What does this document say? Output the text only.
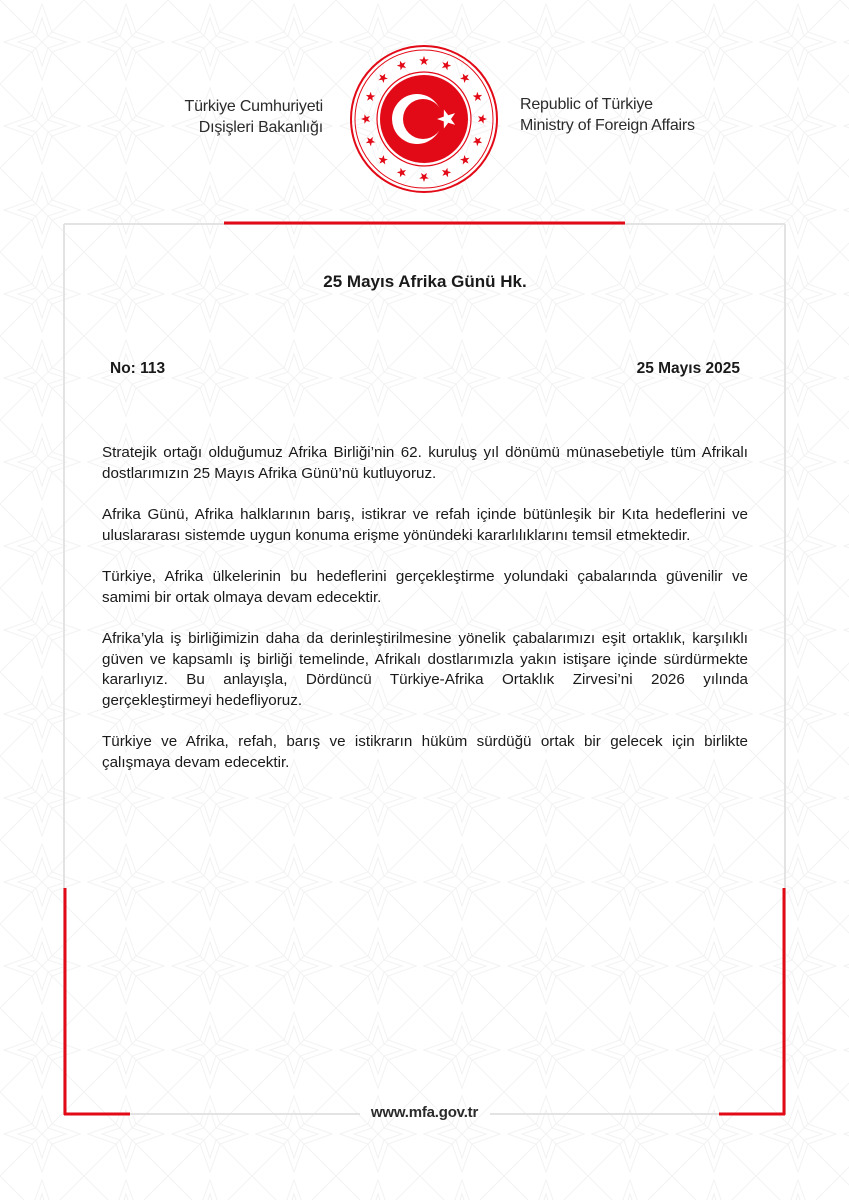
Türkiye Cumhuriyeti
Dışişleri Bakanlığı
Republic of Türkiye
Ministry of Foreign Affairs
25 Mayıs Afrika Günü Hk.
No: 113	25 Mayıs 2025

Stratejik ortağı olduğumuz Afrika Birliği’nin 62. kuruluş yıl dönümü münasebetiyle tüm Afrikalı dostlarımızın 25 Mayıs Afrika Günü’nü kutluyoruz.

Afrika Günü, Afrika halklarının barış, istikrar ve refah içinde bütünleşik bir Kıta hedeflerini ve uluslararası sistemde uygun konuma erişme yönündeki kararlılıklarını temsil etmektedir.

Türkiye, Afrika ülkelerinin bu hedeflerini gerçekleştirme yolundaki çabalarında güvenilir ve samimi bir ortak olmaya devam edecektir.

Afrika’yla iş birliğimizin daha da derinleştirilmesine yönelik çabalarımızı eşit ortaklık, karşılıklı güven ve kapsamlı iş birliği temelinde, Afrikalı dostlarımızla yakın istişare içinde sürdürmekte kararlıyız. Bu anlayışla, Dördüncü Türkiye-Afrika Ortaklık Zirvesi’ni 2026 yılında gerçekleştirmeyi hedefliyoruz.

Türkiye ve Afrika, refah, barış ve istikrarın hüküm sürdüğü ortak bir gelecek için birlikte çalışmaya devam edecektir.

www.mfa.gov.tr
